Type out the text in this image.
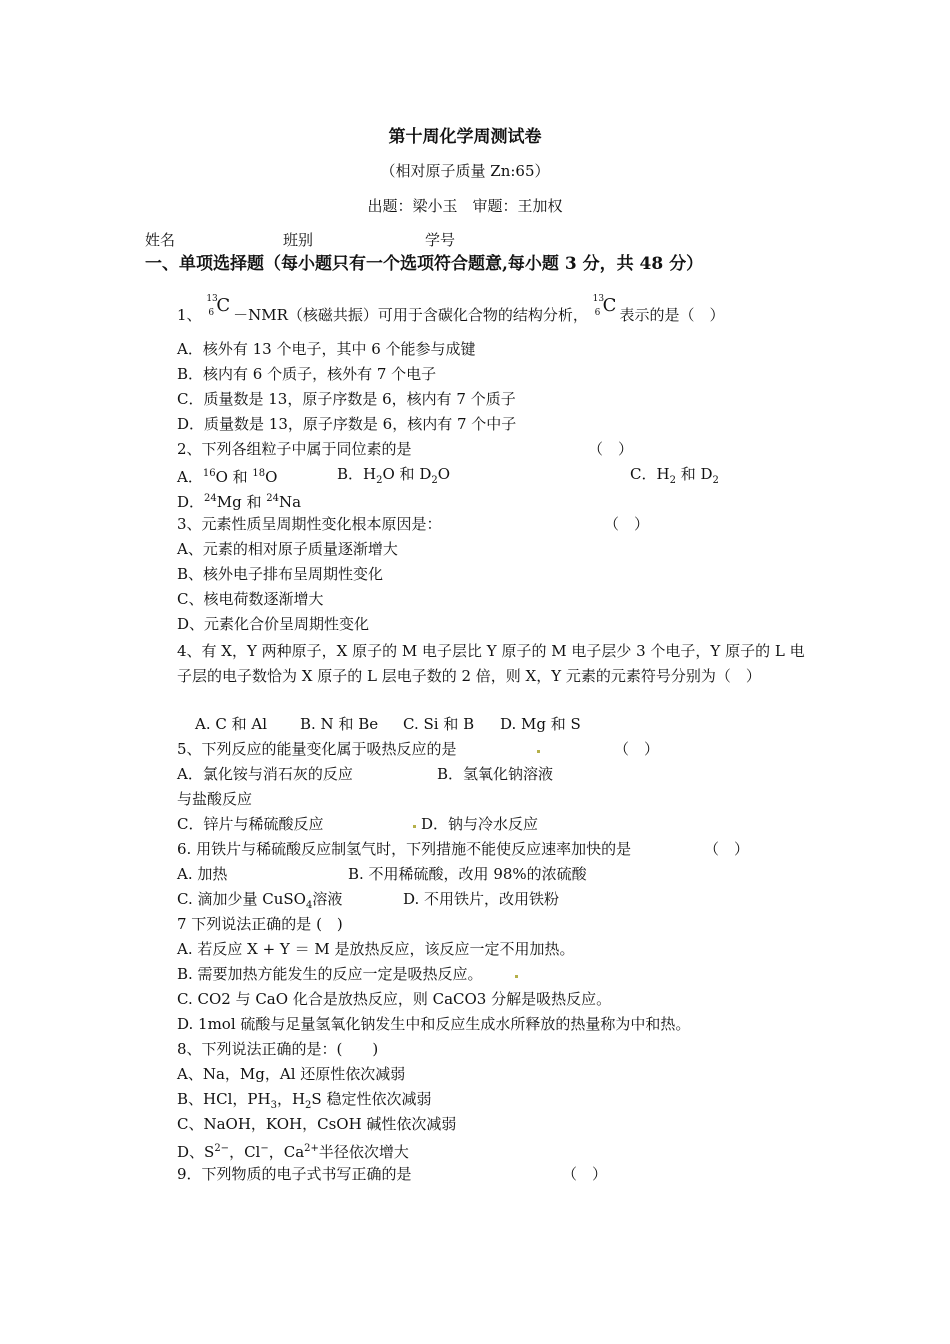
第十周化学周测试卷
（相对原子质量 Zn:65）
出题：梁小玉　审题：王加权
姓名	班别	学号
一、单项选择题（每小题只有一个选项符合题意,每小题 3 分，共 48 分）
1、
13
6 C －NMR（核磁共振）可用于含碳化合物的结构分析，
13
6 C 表示的是（　）
A．核外有 13 个电子，其中 6 个能参与成键
B．核内有 6 个质子，核外有 7 个电子
C．质量数是 13，原子序数是 6，核内有 7 个质子
D．质量数是 13，原子序数是 6，核内有 7 个中子
2、下列各组粒子中属于同位素的是	（　）
A．$^{16}$O 和 $^{18}$O	B．$H_2O$ 和 $D_2O$	C．$H_2$ 和 $D_2$
D．$^{24}$Mg 和 $^{24}$Na
3、元素性质呈周期性变化根本原因是：	（　）
A、元素的相对原子质量逐渐增大
B、核外电子排布呈周期性变化
C、核电荷数逐渐增大
D、元素化合价呈周期性变化
4、有 X，Y 两种原子，X 原子的 M 电子层比 Y 原子的 M 电子层少 3 个电子，Y 原子的 L 电子层的电子数恰为 X 原子的 L 层电子数的 2 倍，则 X，Y 元素的元素符号分别为（　）
A. C 和 Al B. N 和 Be C. Si 和 B D. Mg 和 S
5、下列反应的能量变化属于吸热反应的是	（　）
A．氯化铵与消石灰的反应	B．氢氧化钠溶液
与盐酸反应
C．锌片与稀硫酸反应	D．钠与冷水反应
6. 用铁片与稀硫酸反应制氢气时，下列措施不能使反应速率加快的是	（　）
A. 加热	B. 不用稀硫酸，改用 98%的浓硫酸
C. 滴加少量 CuSO$_4$溶液	D. 不用铁片，改用铁粉
7 下列说法正确的是 (　)
A. 若反应 X + Y ＝ M 是放热反应，该反应一定不用加热。
B. 需要加热方能发生的反应一定是吸热反应。
C. CO2 与 CaO 化合是放热反应，则 CaCO3 分解是吸热反应。
D. 1mol 硫酸与足量氢氧化钠发生中和反应生成水所释放的热量称为中和热。
8、下列说法正确的是：(　　)
A、Na，Mg，Al 还原性依次减弱
B、HCl，$PH_3$，$H_2S$ 稳定性依次减弱
C、NaOH，KOH，CsOH 碱性依次减弱
D、$S^{2-}$，Cl−，$Ca^{2+}$半径依次增大
9．下列物质的电子式书写正确的是	（　）
